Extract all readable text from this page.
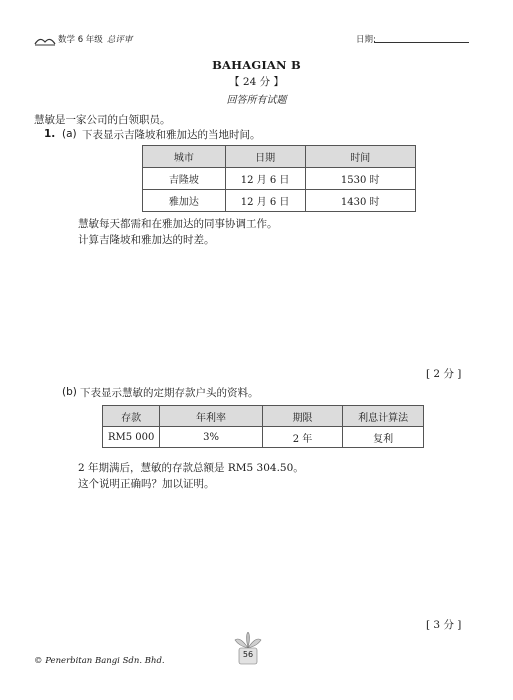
数学 6 年级 总评审	日期:
BAHAGIAN B
【 24 分 】
回答所有试题
慧敏是一家公司的白领职员。
1. (a) 下表显示吉隆坡和雅加达的当地时间。
城市	日期	时间
吉隆坡	12 月 6 日	1530 时
雅加达	12 月 6 日	1430 时
慧敏每天都需和在雅加达的同事协调工作。
计算吉隆坡和雅加达的时差。
[ 2 分 ]
(b) 下表显示慧敏的定期存款户头的资料。
存款	年利率	期限	利息计算法
RM5 000	3%	2 年	复利
2 年期满后，慧敏的存款总额是 RM5 304.50。
这个说明正确吗？加以证明。
[ 3 分 ]
© Penerbitan Bangi Sdn. Bhd.
56
